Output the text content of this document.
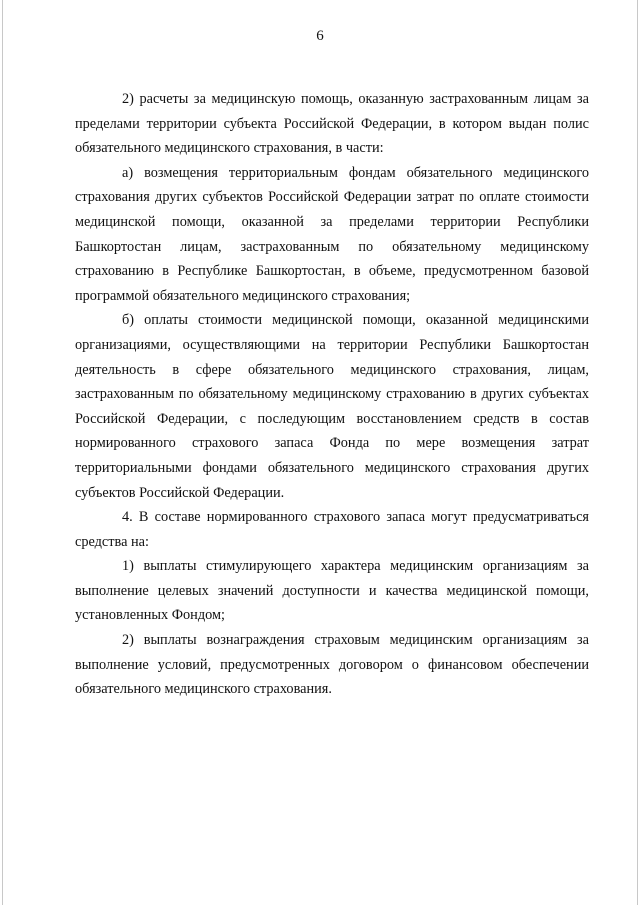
6

2) расчеты за медицинскую помощь, оказанную застрахованным лицам за пределами территории субъекта Российской Федерации, в котором выдан полис обязательного медицинского страхования, в части:

а) возмещения территориальным фондам обязательного медицинского страхования других субъектов Российской Федерации затрат по оплате стоимости медицинской помощи, оказанной за пределами территории Республики Башкортостан лицам, застрахованным по обязательному медицинскому страхованию в Республике Башкортостан, в объеме, предусмотренном базовой программой обязательного медицинского страхования;

б) оплаты стоимости медицинской помощи, оказанной медицинскими организациями, осуществляющими на территории Республики Башкортостан деятельность в сфере обязательного медицинского страхования, лицам, застрахованным по обязательному медицинскому страхованию в других субъектах Российской Федерации, с последующим восстановлением средств в состав нормированного страхового запаса Фонда по мере возмещения затрат территориальными фондами обязательного медицинского страхования других субъектов Российской Федерации.

4. В составе нормированного страхового запаса могут предусматриваться средства на:

1) выплаты стимулирующего характера медицинским организациям за выполнение целевых значений доступности и качества медицинской помощи, установленных Фондом;

2) выплаты вознаграждения страховым медицинским организациям за выполнение условий, предусмотренных договором о финансовом обеспечении обязательного медицинского страхования.
